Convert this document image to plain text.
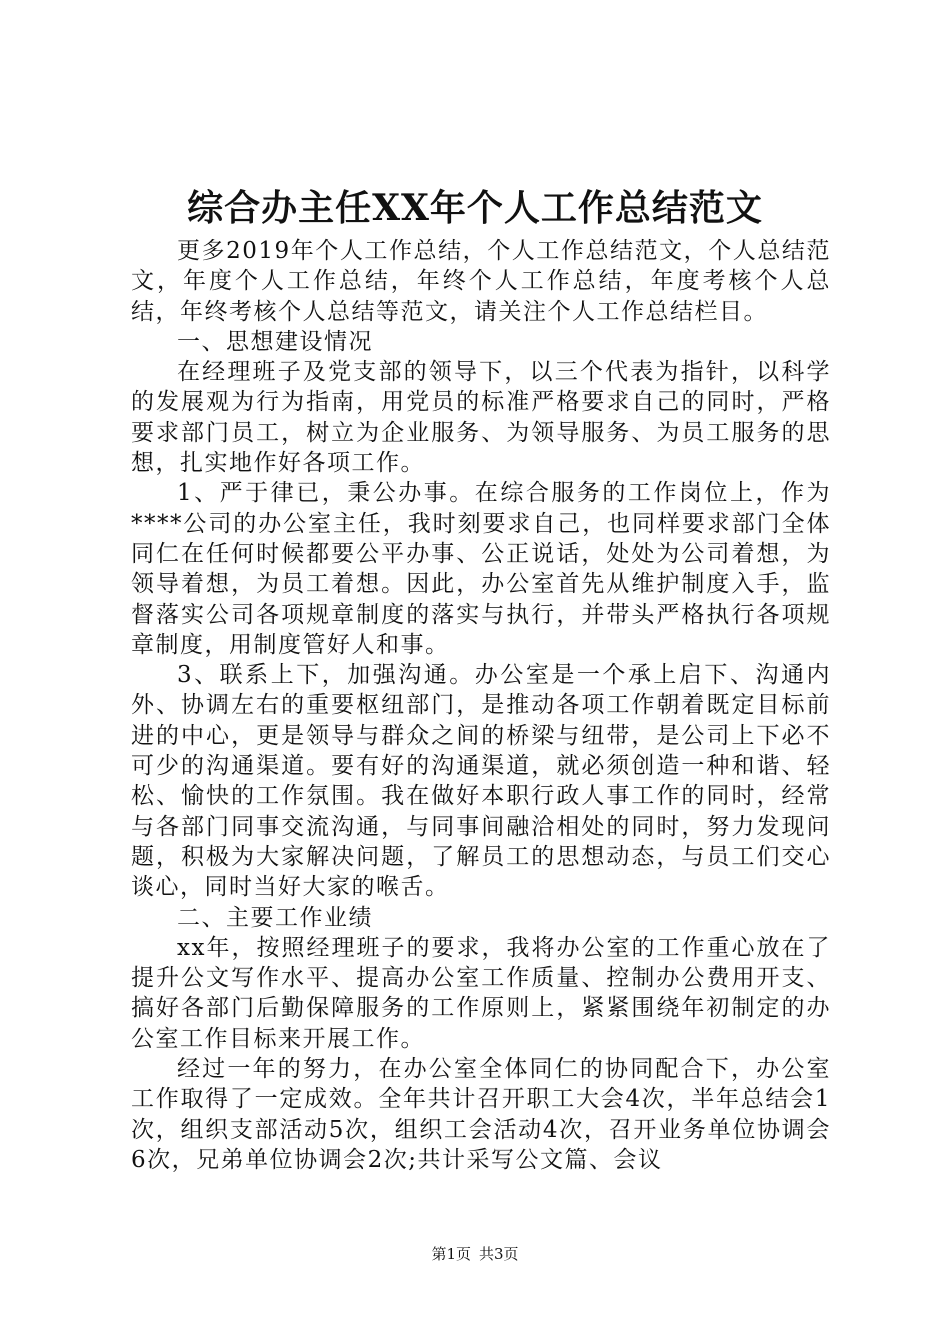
综合办主任XX年个人工作总结范文

更多2019年个人工作总结，个人工作总结范文，个人总结范文，年度个人工作总结，年终个人工作总结，年度考核个人总结，年终考核个人总结等范文，请关注个人工作总结栏目。

一、思想建设情况

在经理班子及党支部的领导下，以三个代表为指针，以科学的发展观为行为指南，用党员的标准严格要求自己的同时，严格要求部门员工，树立为企业服务、为领导服务、为员工服务的思想，扎实地作好各项工作。

1、严于律已，秉公办事。在综合服务的工作岗位上，作为****公司的办公室主任，我时刻要求自己，也同样要求部门全体同仁在任何时候都要公平办事、公正说话，处处为公司着想，为领导着想，为员工着想。因此，办公室首先从维护制度入手，监督落实公司各项规章制度的落实与执行，并带头严格执行各项规章制度，用制度管好人和事。

3、联系上下，加强沟通。办公室是一个承上启下、沟通内外、协调左右的重要枢纽部门，是推动各项工作朝着既定目标前进的中心，更是领导与群众之间的桥梁与纽带，是公司上下必不可少的沟通渠道。要有好的沟通渠道，就必须创造一种和谐、轻松、愉快的工作氛围。我在做好本职行政人事工作的同时，经常与各部门同事交流沟通，与同事间融洽相处的同时，努力发现问题，积极为大家解决问题，了解员工的思想动态，与员工们交心谈心，同时当好大家的喉舌。

二、主要工作业绩

xx年，按照经理班子的要求，我将办公室的工作重心放在了提升公文写作水平、提高办公室工作质量、控制办公费用开支、搞好各部门后勤保障服务的工作原则上，紧紧围绕年初制定的办公室工作目标来开展工作。

经过一年的努力，在办公室全体同仁的协同配合下，办公室工作取得了一定成效。全年共计召开职工大会4次，半年总结会1次，组织支部活动5次，组织工会活动4次，召开业务单位协调会6次，兄弟单位协调会2次;共计采写公文篇、会议

第1页 共3页
